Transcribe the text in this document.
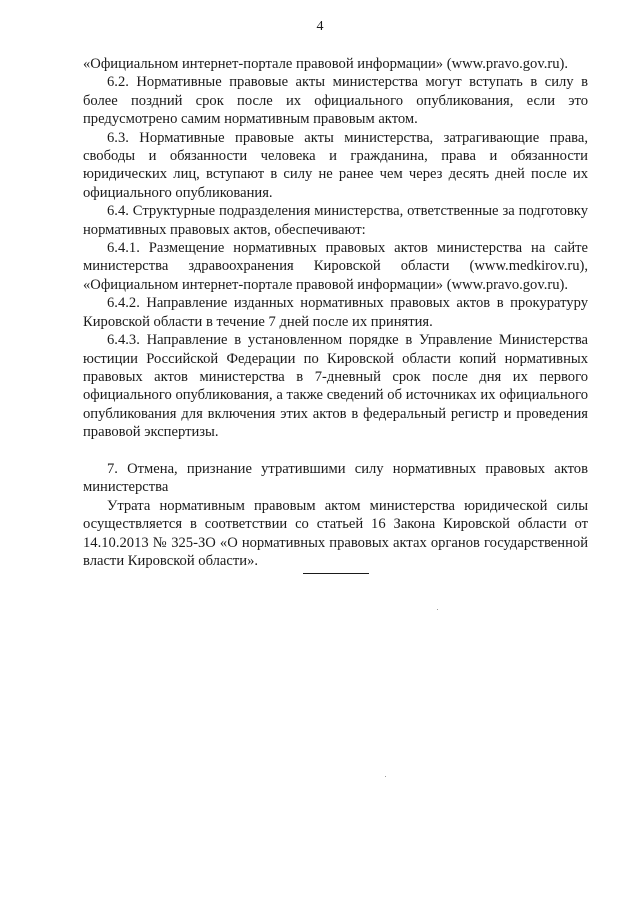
4

«Официальном интернет-портале правовой информации» (www.pravo.gov.ru).

6.2. Нормативные правовые акты министерства могут вступать в силу в более поздний срок после их официального опубликования, если это предусмотрено самим нормативным правовым актом.

6.3. Нормативные правовые акты министерства, затрагивающие права, свободы и обязанности человека и гражданина, права и обязанности юридических лиц, вступают в силу не ранее чем через десять дней после их официального опубликования.

6.4. Структурные подразделения министерства, ответственные за подготовку нормативных правовых актов, обеспечивают:

6.4.1. Размещение нормативных правовых актов министерства на сайте министерства здравоохранения Кировской области (www.medkirov.ru), «Официальном интернет-портале правовой информации» (www.pravo.gov.ru).

6.4.2. Направление изданных нормативных правовых актов в прокуратуру Кировской области в течение 7 дней после их принятия.

6.4.3. Направление в установленном порядке в Управление Министерства юстиции Российской Федерации по Кировской области копий нормативных правовых актов министерства в 7-дневный срок после дня их первого официального опубликования, а также сведений об источниках их официального опубликования для включения этих актов в федеральный регистр и проведения правовой экспертизы.

7. Отмена, признание утратившими силу нормативных правовых актов министерства

Утрата нормативным правовым актом министерства юридической силы осуществляется в соответствии со статьей 16 Закона Кировской области от 14.10.2013 № 325-ЗО «О нормативных правовых актах органов государственной власти Кировской области».
